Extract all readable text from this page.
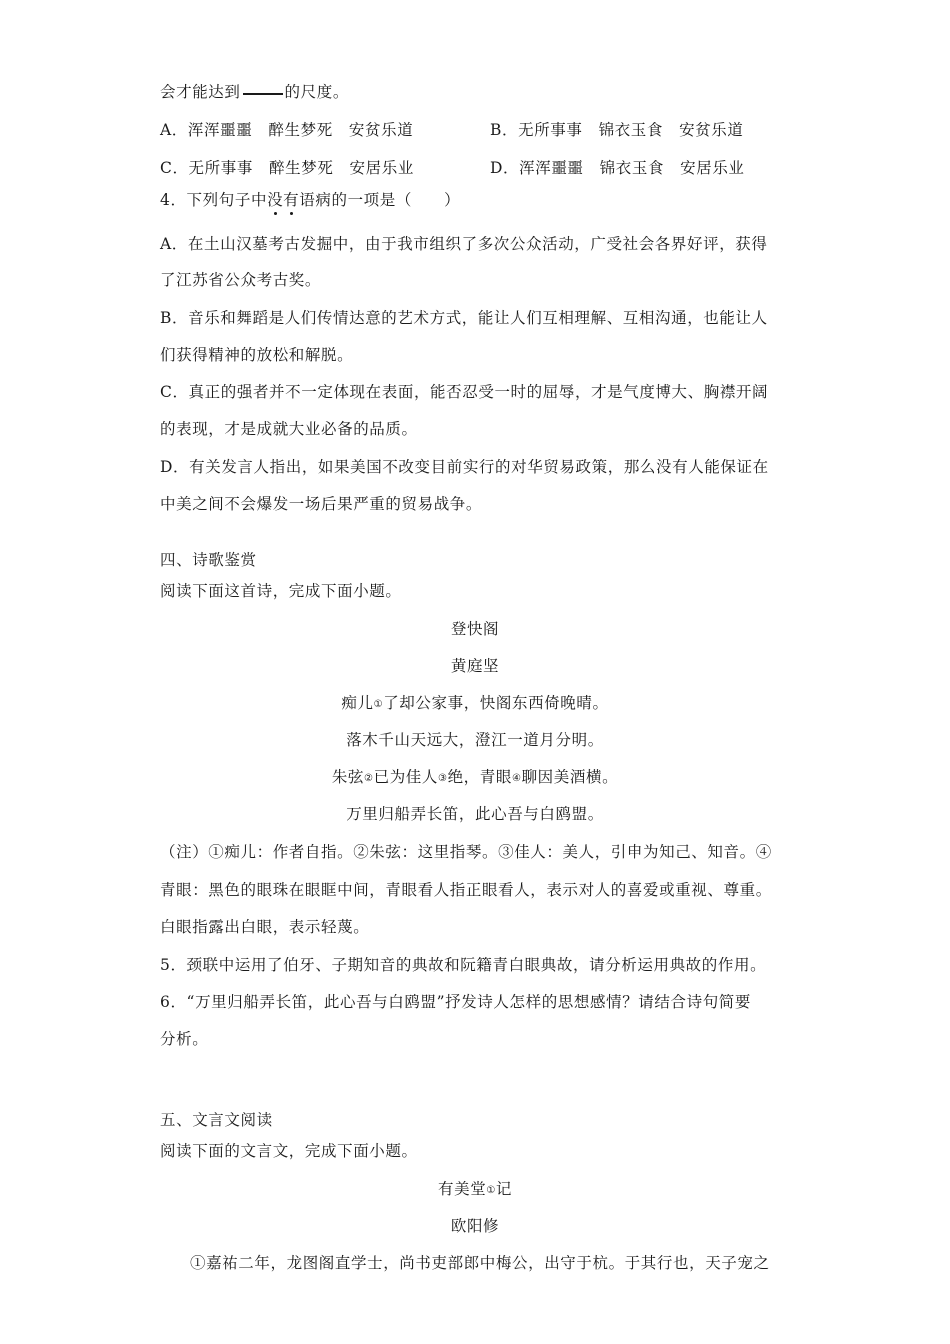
会才能达到	的尺度。
A．浑浑噩噩　醉生梦死　安贫乐道	B．无所事事　锦衣玉食　安贫乐道
C．无所事事　醉生梦死　安居乐业	D．浑浑噩噩　锦衣玉食　安居乐业
4．下列句子中没有语病的一项是（　　）
A．在土山汉墓考古发掘中，由于我市组织了多次公众活动，广受社会各界好评，获得
了江苏省公众考古奖。
B．音乐和舞蹈是人们传情达意的艺术方式，能让人们互相理解、互相沟通，也能让人
们获得精神的放松和解脱。
C．真正的强者并不一定体现在表面，能否忍受一时的屈辱，才是气度博大、胸襟开阔
的表现，才是成就大业必备的品质。
D．有关发言人指出，如果美国不改变目前实行的对华贸易政策，那么没有人能保证在
中美之间不会爆发一场后果严重的贸易战争。
四、诗歌鉴赏
阅读下面这首诗，完成下面小题。
登快阁
黄庭坚
痴儿①了却公家事，快阁东西倚晚晴。
落木千山天远大，澄江一道月分明。
朱弦②已为佳人③绝，青眼④聊因美酒横。
万里归船弄长笛，此心吾与白鸥盟。
（注）①痴儿：作者自指。②朱弦：这里指琴。③佳人：美人，引申为知己、知音。④
青眼：黑色的眼珠在眼眶中间，青眼看人指正眼看人，表示对人的喜爱或重视、尊重。
白眼指露出白眼，表示轻蔑。
5．颈联中运用了伯牙、子期知音的典故和阮籍青白眼典故，请分析运用典故的作用。
6．“万里归船弄长笛，此心吾与白鸥盟”抒发诗人怎样的思想感情？请结合诗句简要
分析。
五、文言文阅读
阅读下面的文言文，完成下面小题。
有美堂①记
欧阳修
①嘉祐二年，龙图阁直学士，尚书吏部郎中梅公，出守于杭。于其行也，天子宠之
